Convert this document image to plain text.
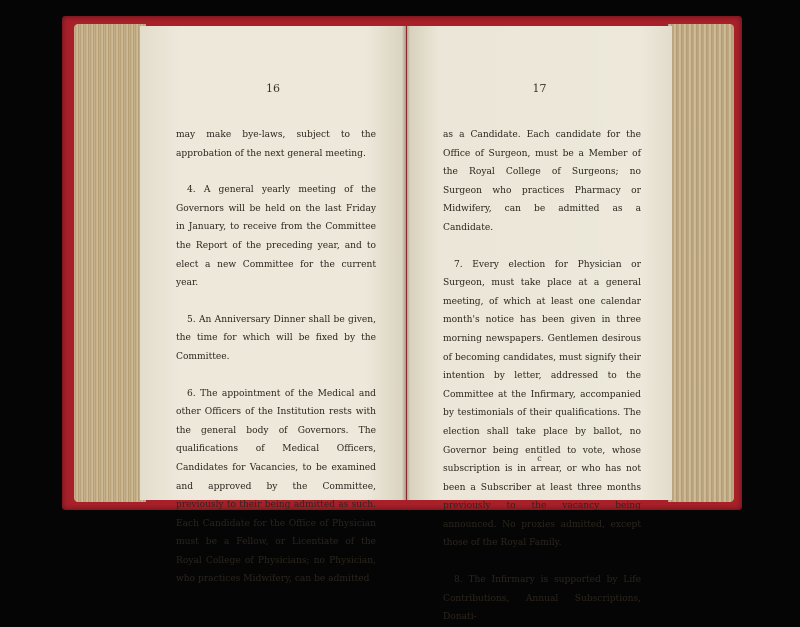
16

may make bye-laws, subject to the approbation of the next general meeting.

4. A general yearly meeting of the Governors will be held on the last Friday in January, to receive from the Committee the Report of the preceding year, and to elect a new Committee for the current year.

5. An Anniversary Dinner shall be given, the time for which will be fixed by the Committee.

6. The appointment of the Medical and other Officers of the Institution rests with the general body of Governors. The qualifications of Medical Officers, Candidates for Vacancies, to be examined and approved by the Committee, previously to their being admitted as such. Each Candidate for the Office of Physician must be a Fellow, or Licentiate of the Royal College of Physicians; no Physician, who practices Midwifery, can be admitted

17

as a Candidate. Each candidate for the Office of Surgeon, must be a Member of the Royal College of Surgeons; no Surgeon who practices Pharmacy or Midwifery, can be admitted as a Candidate.

7. Every election for Physician or Surgeon, must take place at a general meeting, of which at least one calendar month's notice has been given in three morning newspapers. Gentlemen desirous of becoming candidates, must signify their intention by letter, addressed to the Committee at the Infirmary, accompanied by testimonials of their qualifications. The election shall take place by ballot, no Governor being entitled to vote, whose subscription is in arrear, or who has not been a Subscriber at least three months previously to the vacancy being announced. No proxies admitted, except those of the Royal Family.

8. The Infirmary is supported by Life Contributions, Annual Subscriptions, Donati-

c
